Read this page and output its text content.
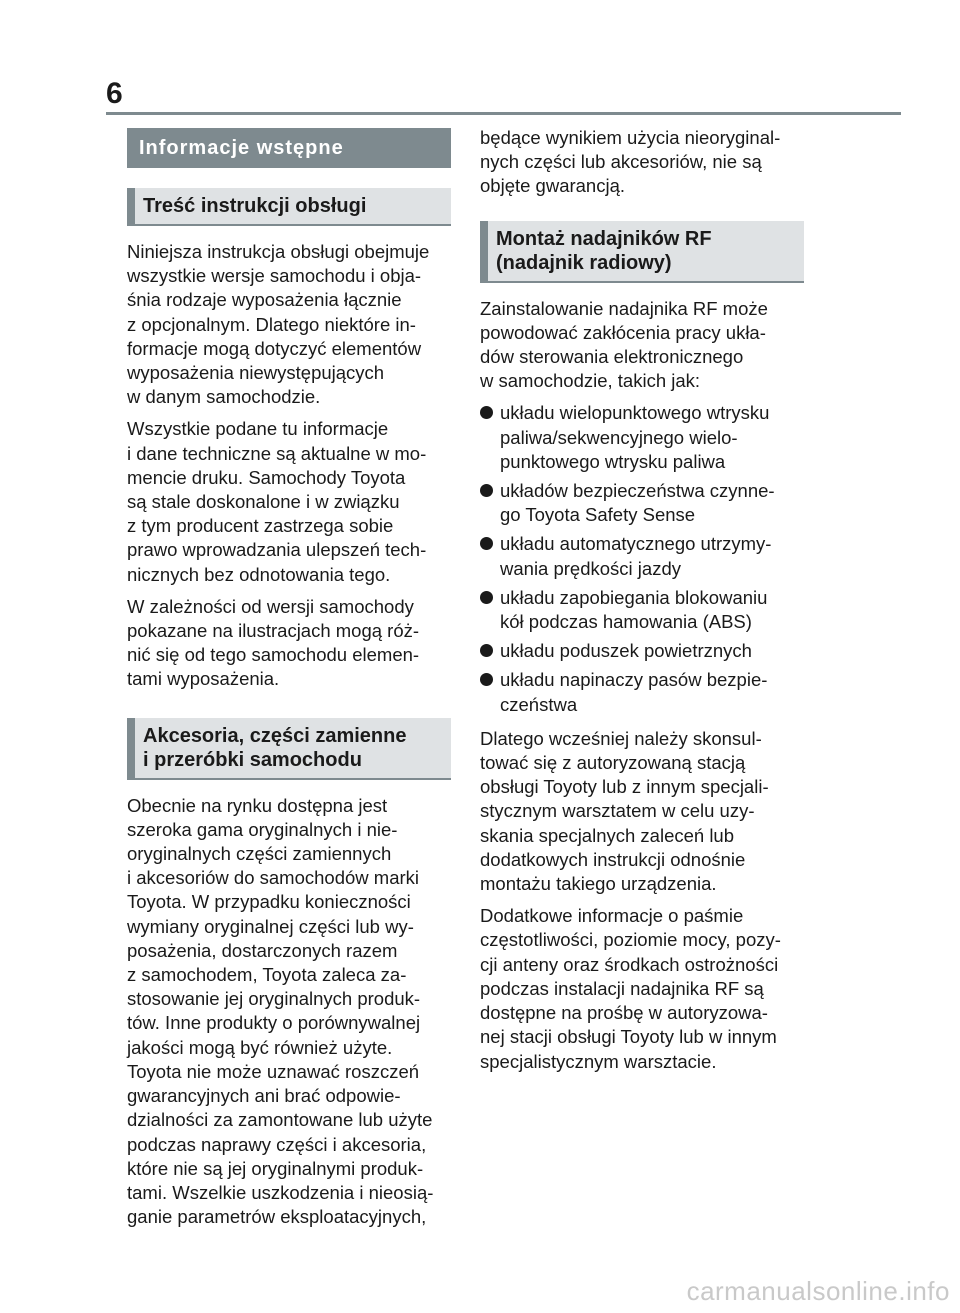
6
Informacje wstępne
Treść instrukcji obsługi

Niniejsza instrukcja obsługi obejmuje
wszystkie wersje samochodu i obja-
śnia rodzaje wyposażenia łącznie
z opcjonalnym. Dlatego niektóre in-
formacje mogą dotyczyć elementów
wyposażenia niewystępujących
w danym samochodzie.

Wszystkie podane tu informacje
i dane techniczne są aktualne w mo-
mencie druku. Samochody Toyota
są stale doskonalone i w związku
z tym producent zastrzega sobie
prawo wprowadzania ulepszeń tech-
nicznych bez odnotowania tego.

W zależności od wersji samochody
pokazane na ilustracjach mogą róż-
nić się od tego samochodu elemen-
tami wyposażenia.

Akcesoria, części zamienne
i przeróbki samochodu

Obecnie na rynku dostępna jest
szeroka gama oryginalnych i nie-
oryginalnych części zamiennych
i akcesoriów do samochodów marki
Toyota. W przypadku konieczności
wymiany oryginalnej części lub wy-
posażenia, dostarczonych razem
z samochodem, Toyota zaleca za-
stosowanie jej oryginalnych produk-
tów. Inne produkty o porównywalnej
jakości mogą być również użyte.
Toyota nie może uznawać roszczeń
gwarancyjnych ani brać odpowie-
dzialności za zamontowane lub użyte
podczas naprawy części i akcesoria,
które nie są jej oryginalnymi produk-
tami. Wszelkie uszkodzenia i nieosią-
ganie parametrów eksploatacyjnych,

będące wynikiem użycia nieoryginal-
nych części lub akcesoriów, nie są
objęte gwarancją.

Montaż nadajników RF
(nadajnik radiowy)

Zainstalowanie nadajnika RF może
powodować zakłócenia pracy ukła-
dów sterowania elektronicznego
w samochodzie, takich jak:

układu wielopunktowego wtrysku
paliwa/sekwencyjnego wielo-
punktowego wtrysku paliwa
układów bezpieczeństwa czynne-
go Toyota Safety Sense
układu automatycznego utrzymy-
wania prędkości jazdy
układu zapobiegania blokowaniu
kół podczas hamowania (ABS)
układu poduszek powietrznych
układu napinaczy pasów bezpie-
czeństwa

Dlatego wcześniej należy skonsul-
tować się z autoryzowaną stacją
obsługi Toyoty lub z innym specjali-
stycznym warsztatem w celu uzy-
skania specjalnych zaleceń lub
dodatkowych instrukcji odnośnie
montażu takiego urządzenia.

Dodatkowe informacje o paśmie
częstotliwości, poziomie mocy, pozy-
cji anteny oraz środkach ostrożności
podczas instalacji nadajnika RF są
dostępne na prośbę w autoryzowa-
nej stacji obsługi Toyoty lub w innym
specjalistycznym warsztacie.

carmanualsonline.info
